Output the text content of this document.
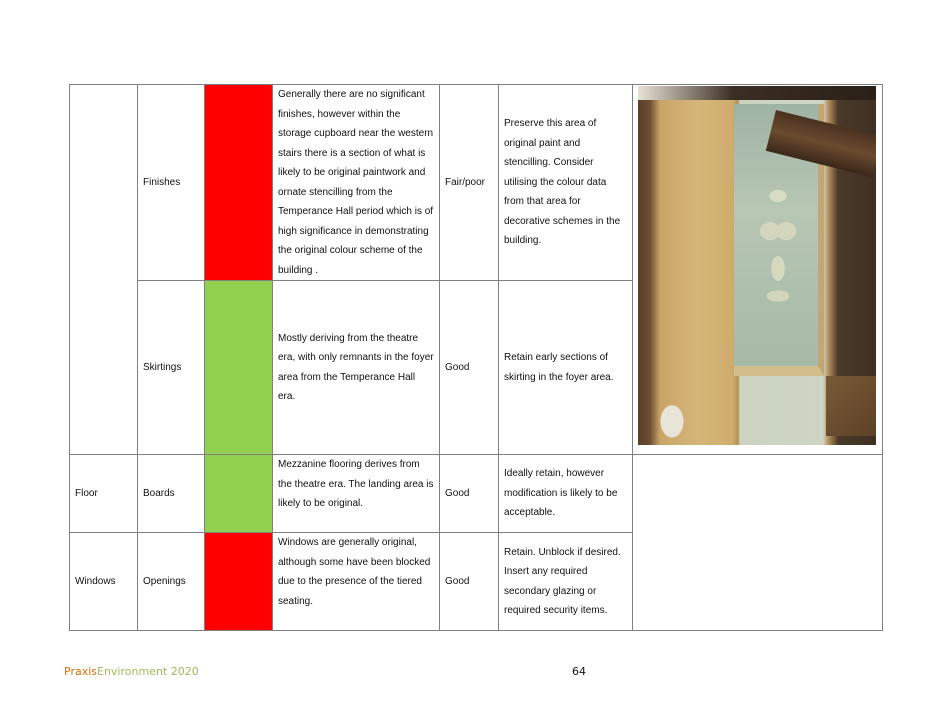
	Finishes		Generally there are no significant finishes, however within the storage cupboard near the western stairs there is a section of what is likely to be original paintwork and ornate stencilling from the Temperance Hall period which is of high significance in demonstrating the original colour scheme of the building .	Fair/poor	Preserve this area of original paint and stencilling. Consider utilising the colour data from that area for decorative schemes in the building.	

	Skirtings		Mostly deriving from the theatre era, with only remnants in the foyer area from the Temperance Hall era.	Good	Retain early sections of skirting in the foyer area.	

Floor	Boards		Mezzanine flooring derives from the theatre era. The landing area is likely to be original.	Good	Ideally retain, however modification is likely to be acceptable.	

Windows	Openings		Windows are generally original, although some have been blocked due to the presence of the tiered seating.	Good	Retain. Unblock if desired. Insert any required secondary glazing or required security items.	
PraxisEnvironment 2020	64
